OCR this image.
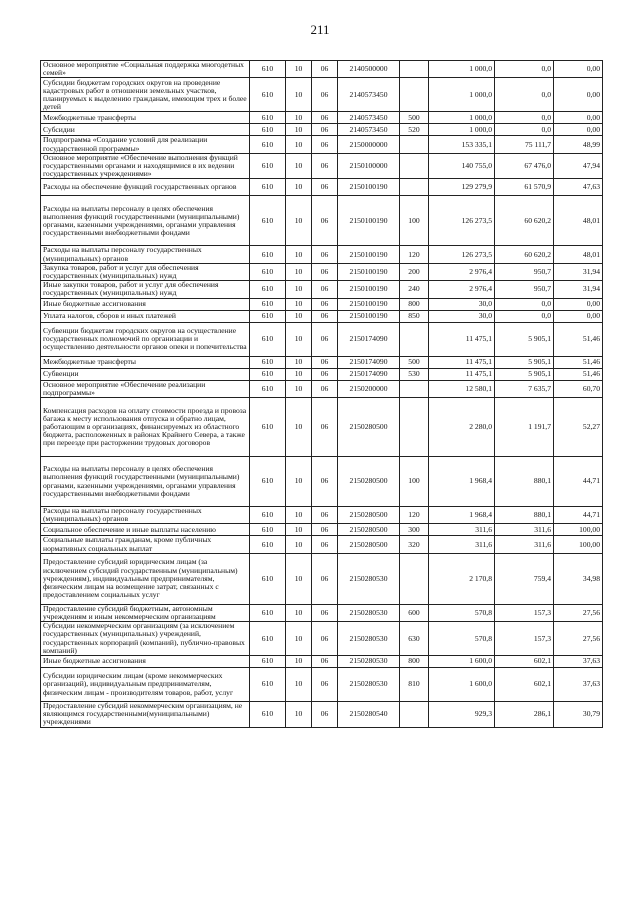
211
Основное мероприятие «Социальная поддержка многодетных семей»	610	10	06	2140500000		1 000,0	0,0	0,00
Субсидии бюджетам городских округов на проведение кадастровых работ в отношении земельных участков, планируемых к выделению гражданам, имеющим трех и более детей	610	10	06	2140573450		1 000,0	0,0	0,00
Межбюджетные трансферты	610	10	06	2140573450	500	1 000,0	0,0	0,00
Субсидии	610	10	06	2140573450	520	1 000,0	0,0	0,00
Подпрограмма «Создание условий для реализации государственной программы»	610	10	06	2150000000		153 335,1	75 111,7	48,99
Основное мероприятие «Обеспечение выполнения функций государственными органами и находящимися в их ведении государственных учреждениями»	610	10	06	2150100000		140 755,0	67 476,0	47,94
Расходы на обеспечение функций государственных органов	610	10	06	2150100190		129 279,9	61 570,9	47,63
Расходы на выплаты персоналу в целях обеспечения выполнения функций государственными (муниципальными) органами, казенными учреждениями, органами управления государственными внебюджетными фондами	610	10	06	2150100190	100	126 273,5	60 620,2	48,01
Расходы на выплаты персоналу государственных (муниципальных) органов	610	10	06	2150100190	120	126 273,5	60 620,2	48,01
Закупка товаров, работ и услуг для обеспечения государственных (муниципальных) нужд	610	10	06	2150100190	200	2 976,4	950,7	31,94
Иные закупки товаров, работ и услуг для обеспечения государственных (муниципальных) нужд	610	10	06	2150100190	240	2 976,4	950,7	31,94
Иные бюджетные ассигнования	610	10	06	2150100190	800	30,0	0,0	0,00
Уплата налогов, сборов и иных платежей	610	10	06	2150100190	850	30,0	0,0	0,00
Субвенции бюджетам городских округов на осуществление государственных полномочий по организации и осуществлению деятельности органов опеки и попечительства	610	10	06	2150174090		11 475,1	5 905,1	51,46
Межбюджетные трансферты	610	10	06	2150174090	500	11 475,1	5 905,1	51,46
Субвенции	610	10	06	2150174090	530	11 475,1	5 905,1	51,46
Основное мероприятие «Обеспечение реализации подпрограммы»	610	10	06	2150200000		12 580,1	7 635,7	60,70
Компенсация расходов на оплату стоимости проезда и провоза багажа к месту использования отпуска и обратно лицам, работающим в организациях, финансируемых из областного бюджета, расположенных в районах Крайнего Севера, а также при переезде при расторжении трудовых договоров	610	10	06	2150280500		2 280,0	1 191,7	52,27
Расходы на выплаты персоналу в целях обеспечения выполнения функций государственными (муниципальными) органами, казенными учреждениями, органами управления государственными внебюджетными фондами	610	10	06	2150280500	100	1 968,4	880,1	44,71
Расходы на выплаты персоналу государственных (муниципальных) органов	610	10	06	2150280500	120	1 968,4	880,1	44,71
Социальное обеспечение и иные выплаты населению	610	10	06	2150280500	300	311,6	311,6	100,00
Социальные выплаты гражданам, кроме публичных нормативных социальных выплат	610	10	06	2150280500	320	311,6	311,6	100,00
Предоставление субсидий юридическим лицам (за исключением субсидий государственным (муниципальным) учреждениям), индивидуальным предпринимателям, физическим лицам на возмещение затрат, связанных с предоставлением социальных услуг	610	10	06	2150280530		2 170,8	759,4	34,98
Предоставление субсидий бюджетным, автономным учреждениям и иным некоммерческим организациям	610	10	06	2150280530	600	570,8	157,3	27,56
Субсидии некоммерческим организациям (за исключением государственных (муниципальных) учреждений, государственных корпораций (компаний), публично-правовых компаний)	610	10	06	2150280530	630	570,8	157,3	27,56
Иные бюджетные ассигнования	610	10	06	2150280530	800	1 600,0	602,1	37,63
Субсидии юридическим лицам (кроме некоммерческих организаций), индивидуальным предпринимателям, физическим лицам - производителям товаров, работ, услуг	610	10	06	2150280530	810	1 600,0	602,1	37,63
Предоставление субсидий некоммерческим организациям, не являющимся государственными(муниципальными) учреждениями	610	10	06	2150280540		929,3	286,1	30,79
